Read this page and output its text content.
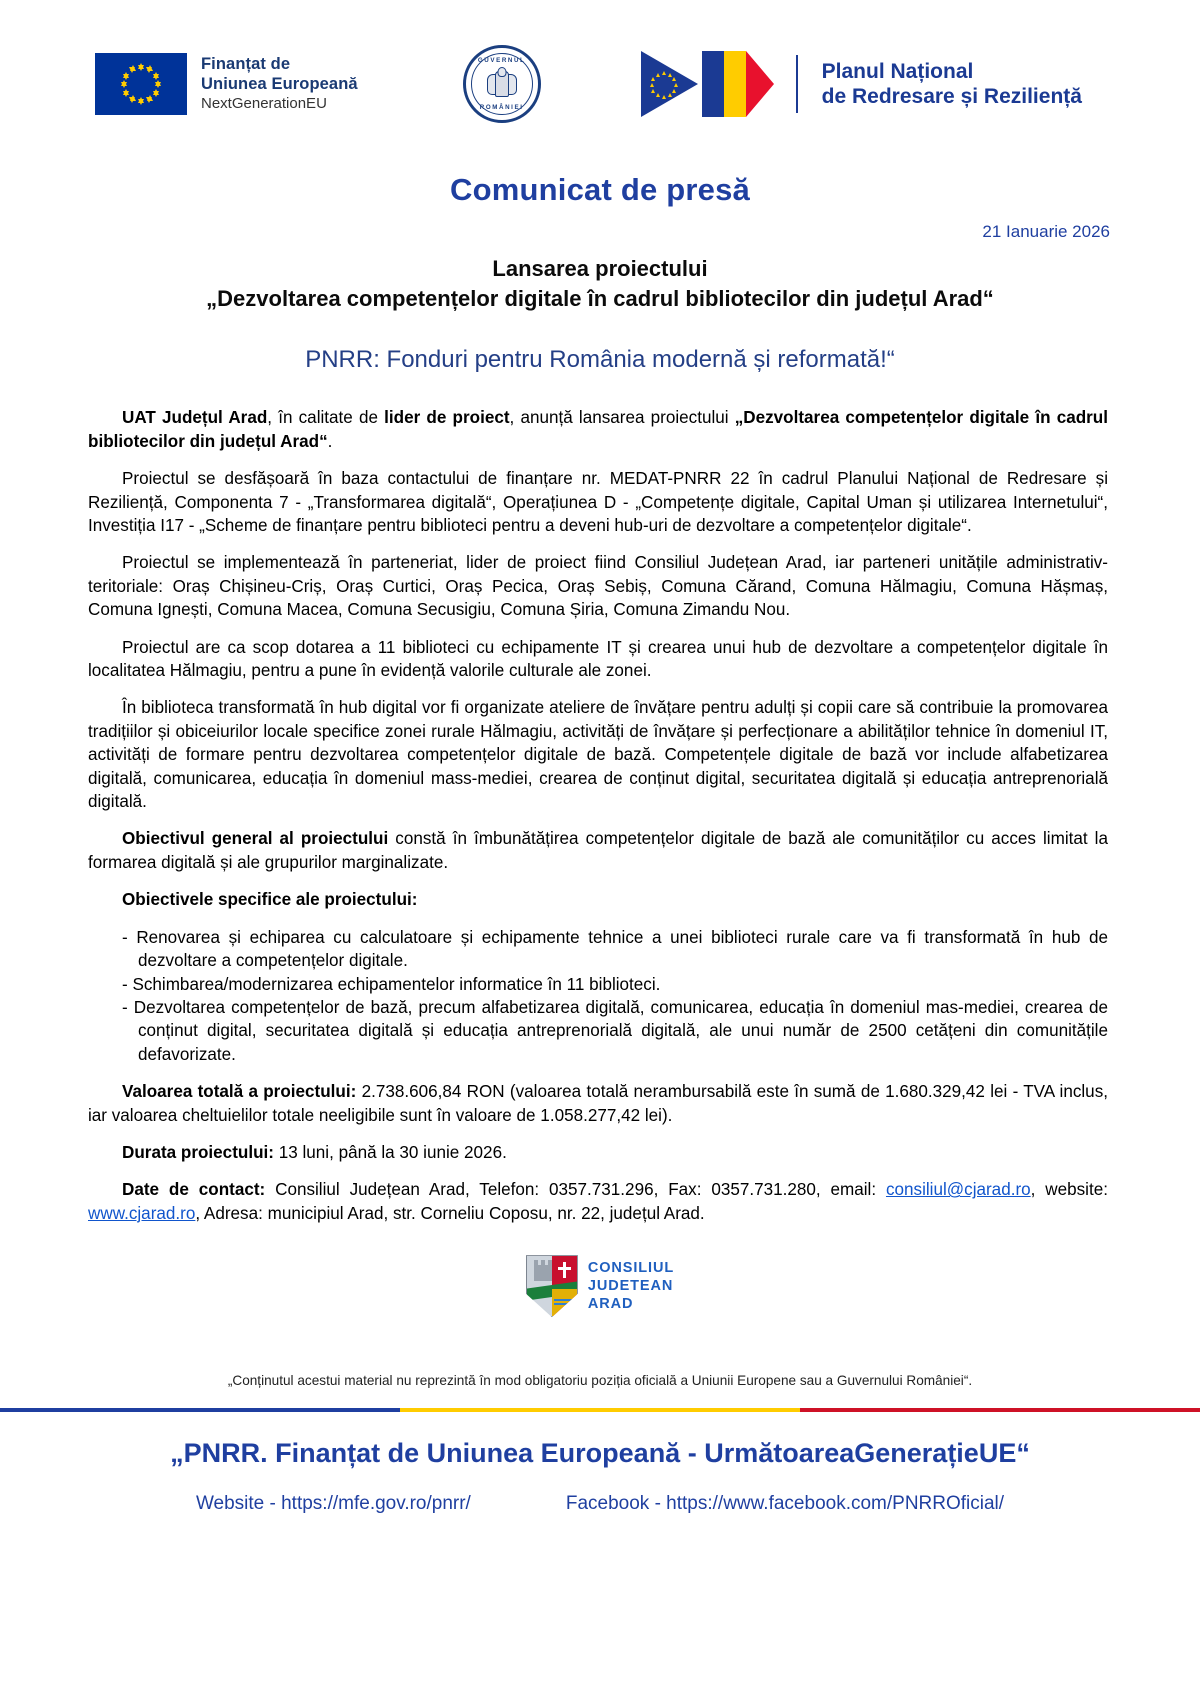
Finanțat de
Uniunea Europeană
NextGenerationEU
GUVERNUL
ROMÂNIEI
Planul Național
de Redresare și Reziliență
Comunicat de presă
21 Ianuarie 2026
Lansarea proiectului
„Dezvoltarea competențelor digitale în cadrul bibliotecilor din județul Arad“
PNRR: Fonduri pentru România modernă și reformată!“

UAT Județul Arad, în calitate de lider de proiect, anunță lansarea proiectului „Dezvoltarea competențelor digitale în cadrul bibliotecilor din județul Arad“.

Proiectul se desfășoară în baza contactului de finanțare nr. MEDAT-PNRR 22 în cadrul Planului Național de Redresare și Reziliență, Componenta 7 - „Transformarea digitală“, Operațiunea D - „Competențe digitale, Capital Uman și utilizarea Internetului“, Investiția I17 - „Scheme de finanțare pentru biblioteci pentru a deveni hub-uri de dezvoltare a competențelor digitale“.

Proiectul se implementează în parteneriat, lider de proiect fiind Consiliul Județean Arad, iar parteneri unitățile administrativ-teritoriale: Oraș Chișineu-Criș, Oraș Curtici, Oraș Pecica, Oraș Sebiș, Comuna Cărand, Comuna Hălmagiu, Comuna Hășmaș, Comuna Ignești, Comuna Macea, Comuna Secusigiu, Comuna Șiria, Comuna Zimandu Nou.

Proiectul are ca scop dotarea a 11 biblioteci cu echipamente IT și crearea unui hub de dezvoltare a competențelor digitale în localitatea Hălmagiu, pentru a pune în evidență valorile culturale ale zonei.

În biblioteca transformată în hub digital vor fi organizate ateliere de învățare pentru adulți și copii care să contribuie la promovarea tradițiilor și obiceiurilor locale specifice zonei rurale Hălmagiu, activități de învățare și perfecționare a abilităților tehnice în domeniul IT, activități de formare pentru dezvoltarea competențelor digitale de bază. Competențele digitale de bază vor include alfabetizarea digitală, comunicarea, educația în domeniul mass-mediei, crearea de conținut digital, securitatea digitală și educația antreprenorială digitală.

Obiectivul general al proiectului constă în îmbunătățirea competențelor digitale de bază ale comunităților cu acces limitat la formarea digitală și ale grupurilor marginalizate.

Obiectivele specifice ale proiectului:

- Renovarea și echiparea cu calculatoare și echipamente tehnice a unei biblioteci rurale care va fi transformată în hub de dezvoltare a competențelor digitale.
- Schimbarea/modernizarea echipamentelor informatice în 11 biblioteci.
- Dezvoltarea competențelor de bază, precum alfabetizarea digitală, comunicarea, educația în domeniul mas-mediei, crearea de conținut digital, securitatea digitală și educația antreprenorială digitală, ale unui număr de 2500 cetățeni din comunitățile defavorizate.

Valoarea totală a proiectului: 2.738.606,84 RON (valoarea totală nerambursabilă este în sumă de 1.680.329,42 lei - TVA inclus, iar valoarea cheltuielilor totale neeligibile sunt în valoare de 1.058.277,42 lei).

Durata proiectului: 13 luni, până la 30 iunie 2026.

Date de contact: Consiliul Județean Arad, Telefon: 0357.731.296, Fax: 0357.731.280, email: consiliul@cjarad.ro, website: www.cjarad.ro, Adresa: municipiul Arad, str. Corneliu Coposu, nr. 22, județul Arad.

CONSILIUL
JUDETEAN
ARAD
„Conținutul acestui material nu reprezintă în mod obligatoriu poziția oficială a Uniunii Europene sau a Guvernului României“.
„PNRR. Finanțat de Uniunea Europeană - UrmătoareaGenerațieUE“
Website - https://mfe.gov.ro/pnrr/	Facebook - https://www.facebook.com/PNRROficial/
